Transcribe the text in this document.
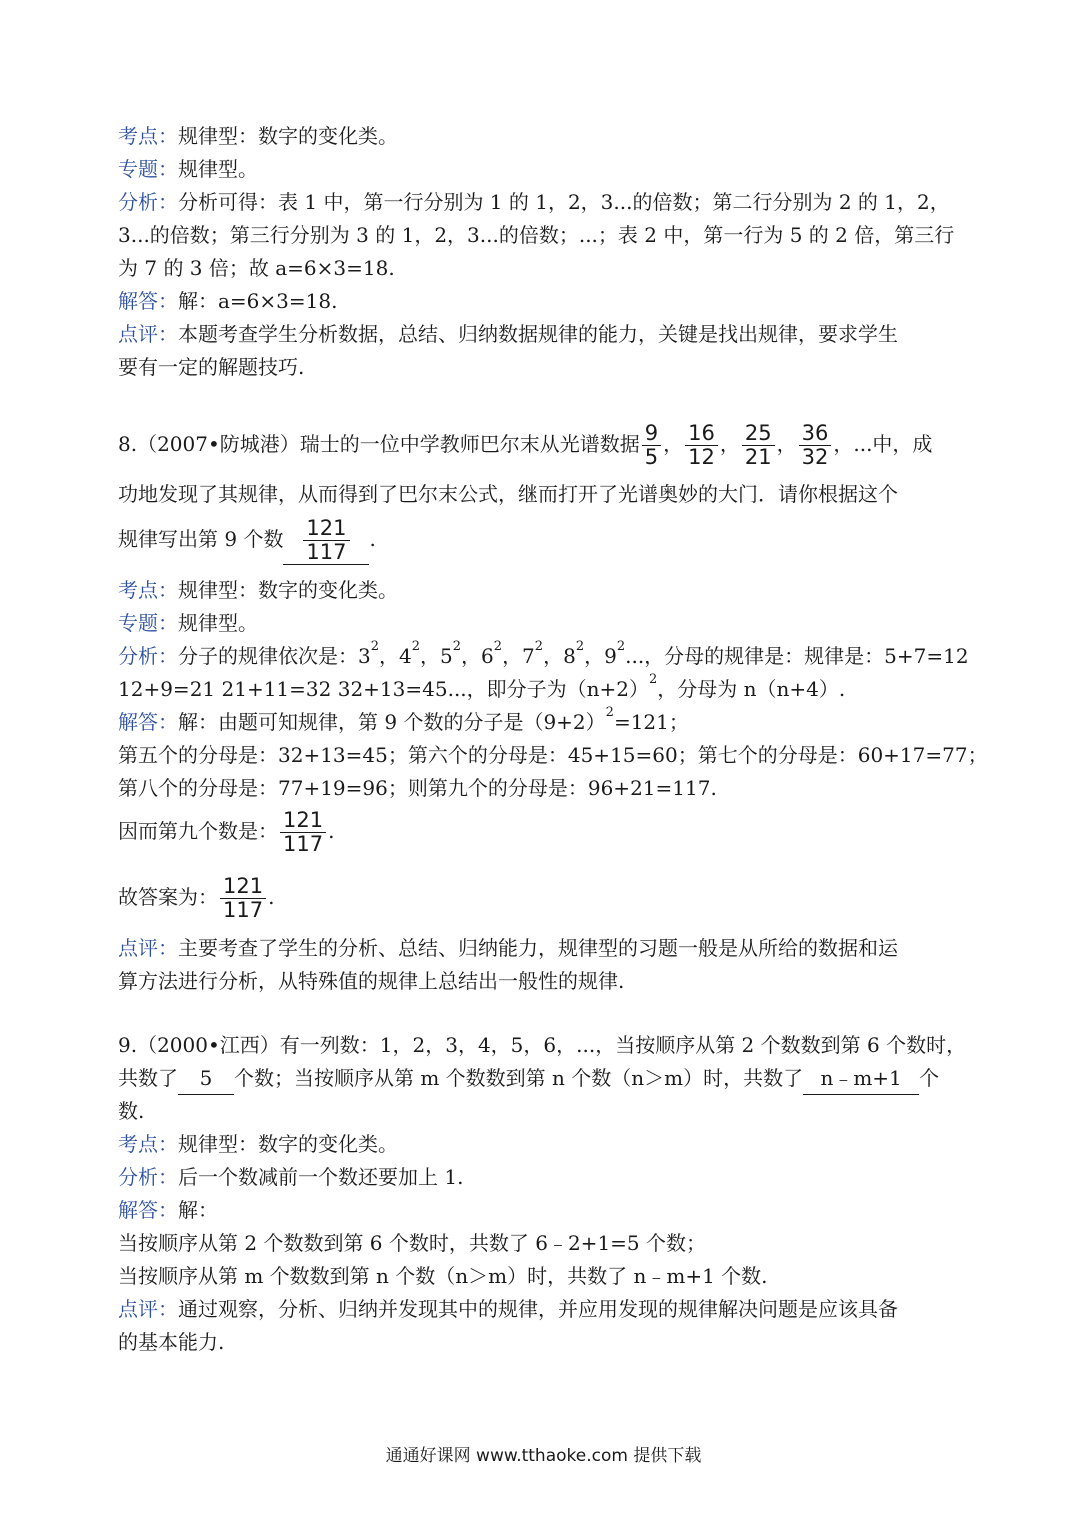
考点：规律型：数字的变化类。
专题：规律型。
分析：分析可得：表 1 中，第一行分别为 1 的 1，2，3...的倍数；第二行分别为 2 的 1，2，
3...的倍数；第三行分别为 3 的 1，2，3...的倍数；...；表 2 中，第一行为 5 的 2 倍，第三行
为 7 的 3 倍；故 a=6×3=18.
解答：解：a=6×3=18.
点评：本题考查学生分析数据，总结、归纳数据规律的能力，关键是找出规律，要求学生
要有一定的解题技巧.
8.（2007•防城港）瑞士的一位中学教师巴尔末从光谱数据 $\frac{9}{5}$ ， $\frac{16}{12}$ ， $\frac{25}{21}$ ， $\frac{36}{32}$ ，...中，成
功地发现了其规律，从而得到了巴尔末公式，继而打开了光谱奥妙的大门．请你根据这个
规律写出第 9 个数 $\frac{121}{117}$ .
考点：规律型：数字的变化类。
专题：规律型。
分析：分子的规律依次是：$3^2$，$4^2$，$5^2$，$6^2$，$7^2$，$8^2$，$9^2$...，分母的规律是：规律是：5+7=12
12+9=21 21+11=32 32+13=45...，即分子为$(n+2)^2$，分母为 n（n+4）.
解答：解：由题可知规律，第 9 个数的分子是$(9+2)^2=121$；
第五个的分母是：32+13=45；第六个的分母是：45+15=60；第七个的分母是：60+17=77；
第八个的分母是：77+19=96；则第九个的分母是：96+21=117.
因而第九个数是： $\frac{121}{117}$ .
故答案为： $\frac{121}{117}$ .
点评：主要考查了学生的分析、总结、归纳能力，规律型的习题一般是从所给的数据和运
算方法进行分析，从特殊值的规律上总结出一般性的规律.
9.（2000•江西）有一列数：1，2，3，4，5，6，...，当按顺序从第 2 个数数到第 6 个数时，
共数了 5 个数；当按顺序从第 m 个数数到第 n 个数（n＞m）时，共数了 n﹣m+1 个
数.
考点：规律型：数字的变化类。
分析：后一个数减前一个数还要加上 1.
解答：解：
当按顺序从第 2 个数数到第 6 个数时，共数了 6﹣2+1=5 个数；
当按顺序从第 m 个数数到第 n 个数（n＞m）时，共数了 n﹣m+1 个数.
点评：通过观察，分析、归纳并发现其中的规律，并应用发现的规律解决问题是应该具备
的基本能力.
通通好课网 www.tthaoke.com 提供下载
